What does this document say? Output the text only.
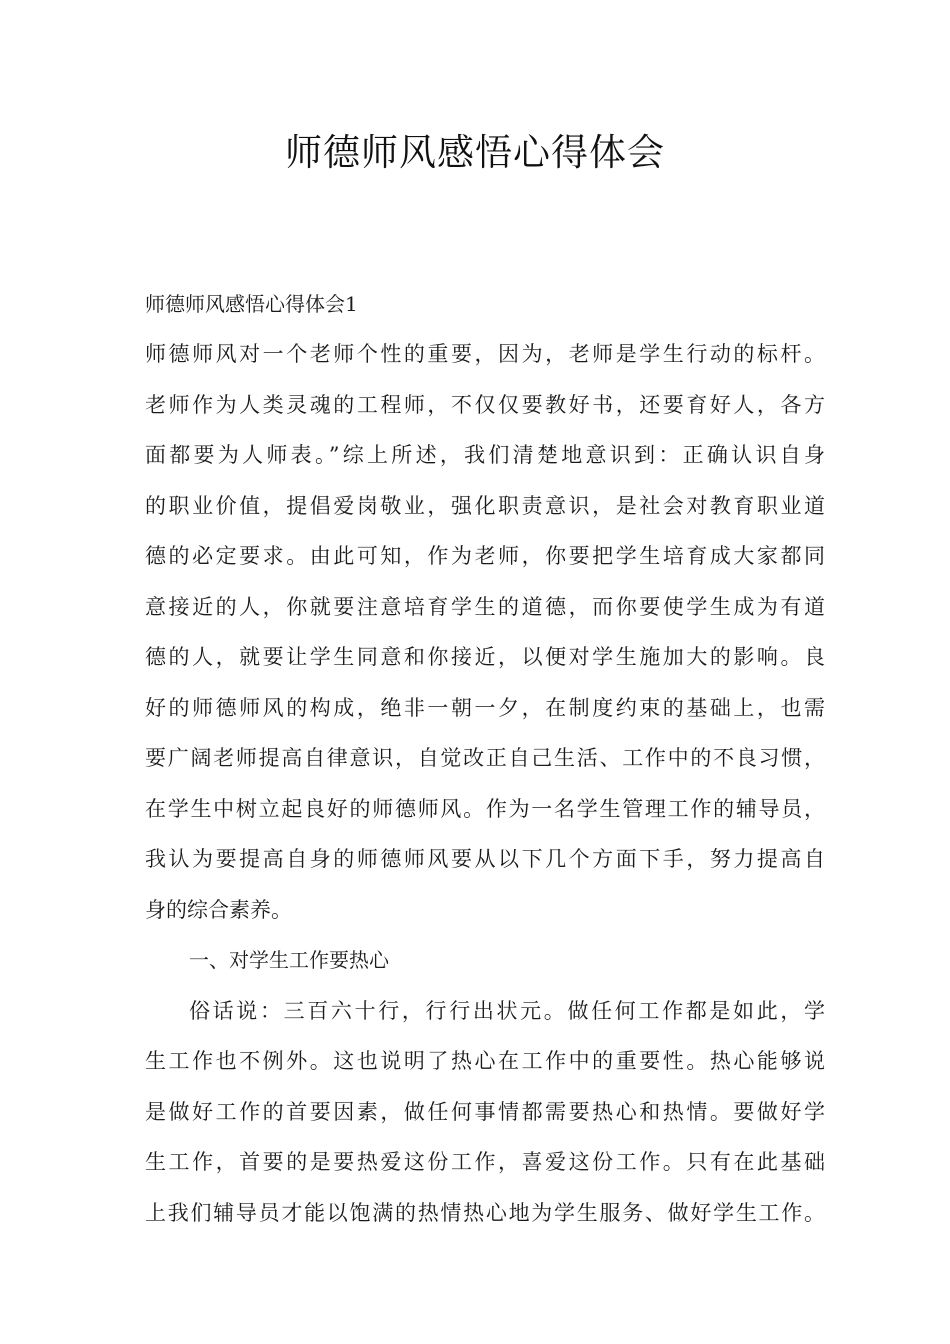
师德师风感悟心得体会

师德师风感悟心得体会1

师德师风对一个老师个性的重要，因为，老师是学生行动的标杆。
老师作为人类灵魂的工程师，不仅仅要教好书，还要育好人，各方
面都要为人师表。”综上所述，我们清楚地意识到：正确认识自身
的职业价值，提倡爱岗敬业，强化职责意识，是社会对教育职业道
德的必定要求。由此可知，作为老师，你要把学生培育成大家都同
意接近的人，你就要注意培育学生的道德，而你要使学生成为有道
德的人，就要让学生同意和你接近，以便对学生施加大的影响。良
好的师德师风的构成，绝非一朝一夕，在制度约束的基础上，也需
要广阔老师提高自律意识，自觉改正自己生活、工作中的不良习惯，
在学生中树立起良好的师德师风。作为一名学生管理工作的辅导员，
我认为要提高自身的师德师风要从以下几个方面下手，努力提高自
身的综合素养。

一、对学生工作要热心

俗话说：三百六十行，行行出状元。做任何工作都是如此，学
生工作也不例外。这也说明了热心在工作中的重要性。热心能够说
是做好工作的首要因素，做任何事情都需要热心和热情。要做好学
生工作，首要的是要热爱这份工作，喜爱这份工作。只有在此基础
上我们辅导员才能以饱满的热情热心地为学生服务、做好学生工作。
